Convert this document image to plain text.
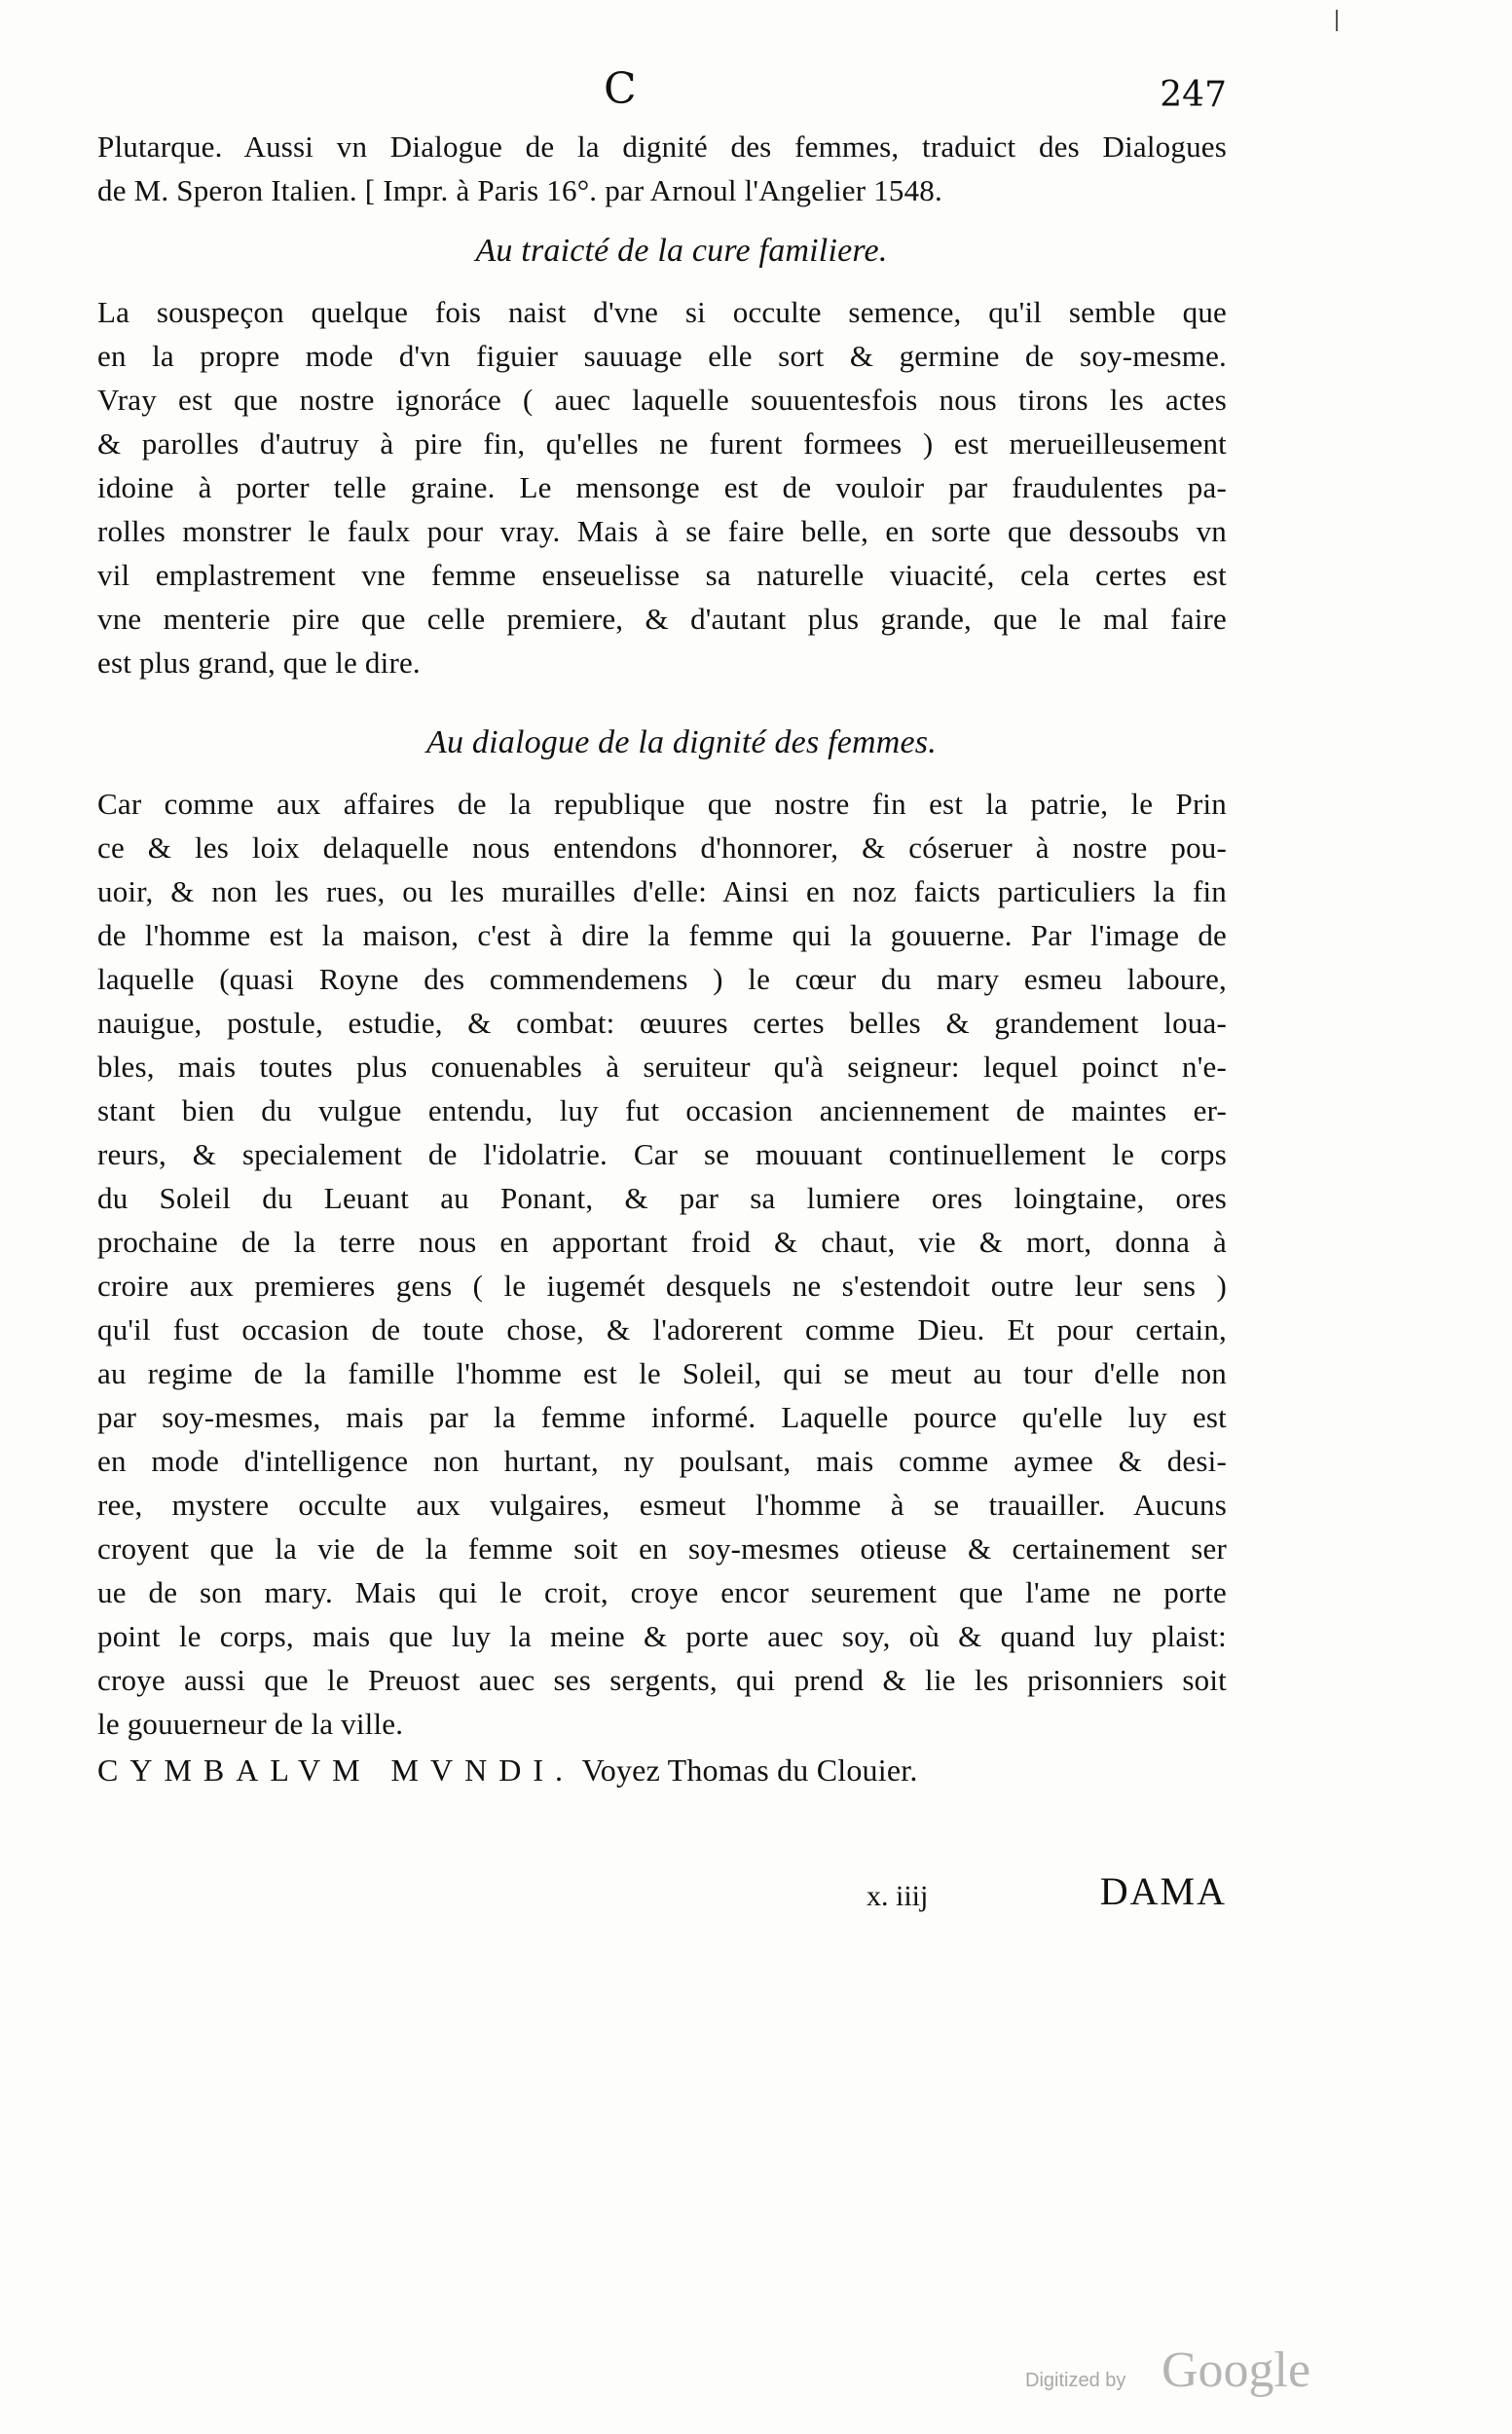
C	247
Plutarque. Aussi vn Dialogue de la dignité des femmes, traduict des Dialogues
de M. Speron Italien. [ Impr. à Paris 16°. par Arnoul l'Angelier 1548.
Au traicté de la cure familiere.
La souspeçon quelque fois naist d'vne si occulte semence, qu'il semble que
en la propre mode d'vn figuier sauuage elle sort & germine de soy-mesme.
Vray est que nostre ignoráce ( auec laquelle souuentesfois nous tirons les actes
& parolles d'autruy à pire fin, qu'elles ne furent formees ) est merueilleusement
idoine à porter telle graine. Le mensonge est de vouloir par fraudulentes pa-
rolles monstrer le faulx pour vray. Mais à se faire belle, en sorte que dessoubs vn
vil emplastrement vne femme enseuelisse sa naturelle viuacité, cela certes est
vne menterie pire que celle premiere, & d'autant plus grande, que le mal faire
est plus grand, que le dire.
Au dialogue de la dignité des femmes.
Car comme aux affaires de la republique que nostre fin est la patrie, le Prin
ce & les loix delaquelle nous entendons d'honnorer, & cóseruer à nostre pou-
uoir, & non les rues, ou les murailles d'elle: Ainsi en noz faicts particuliers la fin
de l'homme est la maison, c'est à dire la femme qui la gouuerne. Par l'image de
laquelle (quasi Royne des commendemens ) le cœur du mary esmeu laboure,
nauigue, postule, estudie, & combat: œuures certes belles & grandement loua-
bles, mais toutes plus conuenables à seruiteur qu'à seigneur: lequel poinct n'e-
stant bien du vulgue entendu, luy fut occasion anciennement de maintes er-
reurs, & specialement de l'idolatrie. Car se mouuant continuellement le corps
du Soleil du Leuant au Ponant, & par sa lumiere ores loingtaine, ores
prochaine de la terre nous en apportant froid & chaut, vie & mort, donna à
croire aux premieres gens ( le iugemét desquels ne s'estendoit outre leur sens )
qu'il fust occasion de toute chose, & l'adorerent comme Dieu. Et pour certain,
au regime de la famille l'homme est le Soleil, qui se meut au tour d'elle non
par soy-mesmes, mais par la femme informé. Laquelle pource qu'elle luy est
en mode d'intelligence non hurtant, ny poulsant, mais comme aymee & desi-
ree, mystere occulte aux vulgaires, esmeut l'homme à se trauailler. Aucuns
croyent que la vie de la femme soit en soy-mesmes otieuse & certainement ser
ue de son mary. Mais qui le croit, croye encor seurement que l'ame ne porte
point le corps, mais que luy la meine & porte auec soy, où & quand luy plaist:
croye aussi que le Preuost auec ses sergents, qui prend & lie les prisonniers soit
le gouuerneur de la ville.
CYMBALVM MVNDI. Voyez Thomas du Clouier.
x. iiij	DAMA
Digitized by Google
